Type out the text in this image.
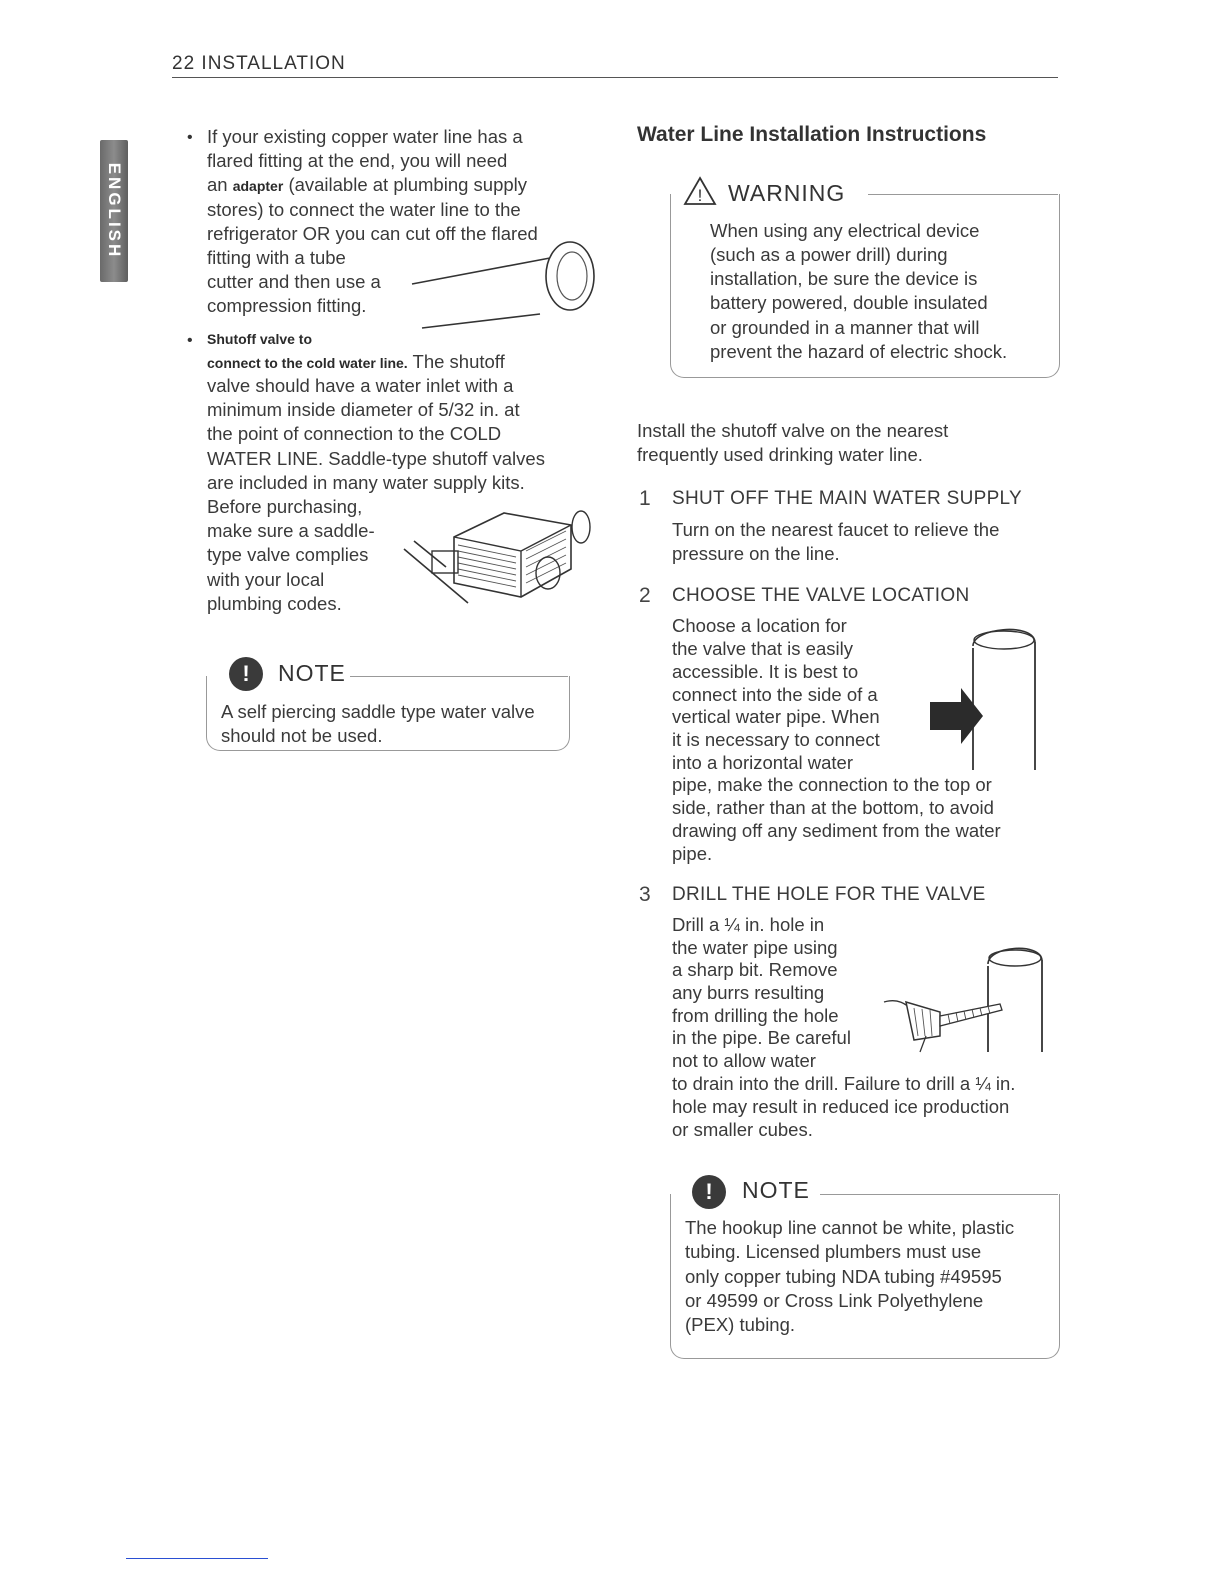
22 INSTALLATION
ENGLISH
• If your existing copper water line has a
flared fitting at the end, you will need
an adapter (available at plumbing supply
stores) to connect the water line to the
refrigerator OR you can cut off the flared
fitting with a tube
cutter and then use a
compression fitting.
• Shutoff valve to
connect to the cold water line. The shutoff
valve should have a water inlet with a
minimum inside diameter of 5/32 in. at
the point of connection to the COLD
WATER LINE. Saddle-type shutoff valves
are included in many water supply kits.
Before purchasing,
make sure a saddle-
type valve complies
with your local
plumbing codes.
!	NOTE
A self piercing saddle type water valve
should not be used.
Water Line Installation Instructions
! WARNING
When using any electrical device
(such as a power drill) during
installation, be sure the device is
battery powered, double insulated
or grounded in a manner that will
prevent the hazard of electric shock.
Install the shutoff valve on the nearest
frequently used drinking water line.
1 SHUT OFF THE MAIN WATER SUPPLY
Turn on the nearest faucet to relieve the
pressure on the line.
2 CHOOSE THE VALVE LOCATION
Choose a location for
the valve that is easily
accessible. It is best to
connect into the side of a
vertical water pipe. When
it is necessary to connect
into a horizontal water
pipe, make the connection to the top or
side, rather than at the bottom, to avoid
drawing off any sediment from the water
pipe.
3 DRILL THE HOLE FOR THE VALVE
Drill a ¼ in. hole in
the water pipe using
a sharp bit. Remove
any burrs resulting
from drilling the hole
in the pipe. Be careful
not to allow water
to drain into the drill. Failure to drill a ¼ in.
hole may result in reduced ice production
or smaller cubes.
!	NOTE
The hookup line cannot be white, plastic
tubing. Licensed plumbers must use
only copper tubing NDA tubing #49595
or 49599 or Cross Link Polyethylene
(PEX) tubing.
